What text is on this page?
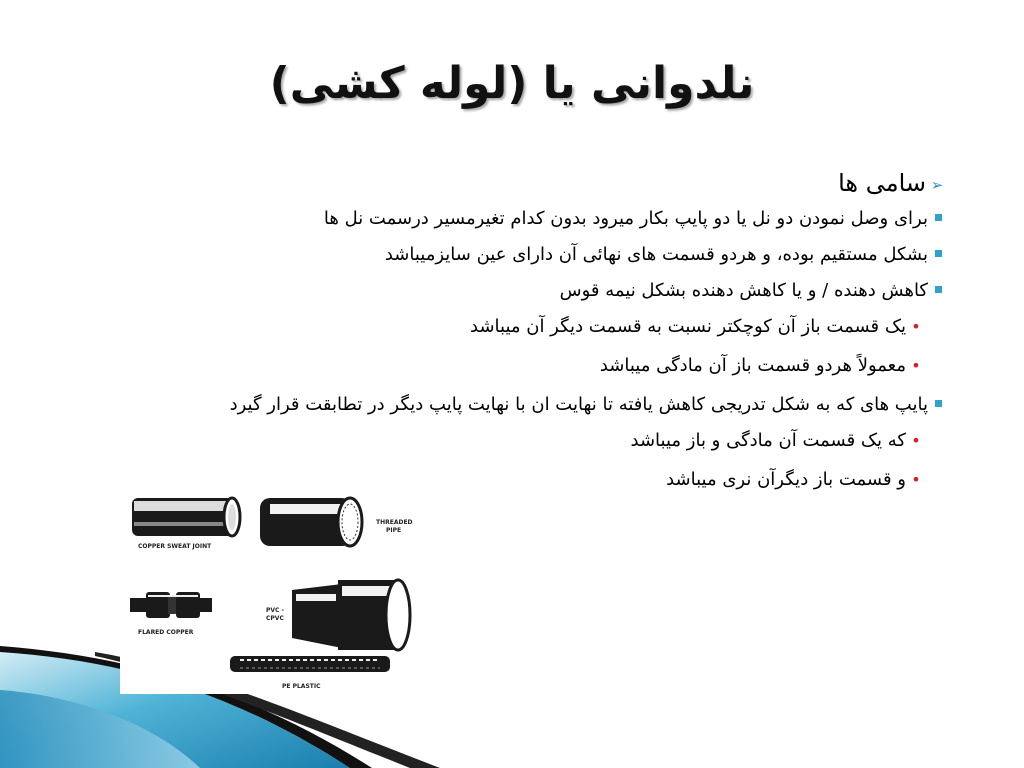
نلدوانی یا (لوله کشی)
➢
سامی ها
برای وصل نمودن دو نل یا دو پایپ بکار میرود بدون کدام تغیرمسیر درسمت نل ها
بشکل مستقیم بوده، و هردو قسمت های نهائی آن دارای عین سایزمیباشد
کاهش دهنده / و یا کاهش دهنده بشکل نیمه قوس
•
یک قسمت باز آن کوچکتر نسبت به قسمت دیگر آن میباشد
•
معمولاً هردو قسمت باز آن مادگی میباشد
پایپ های که به شکل تدریجی کاهش یافته تا نهایت ان با نهایت پایپ دیگر در تطابقت قرار گیرد
•
که یک قسمت آن مادگی و باز میباشد
•
و قسمت باز دیگرآن نری میباشد
COPPER SWEAT JOINT
THREADED
PIPE
FLARED COPPER
PVC -
CPVC
PE PLASTIC
